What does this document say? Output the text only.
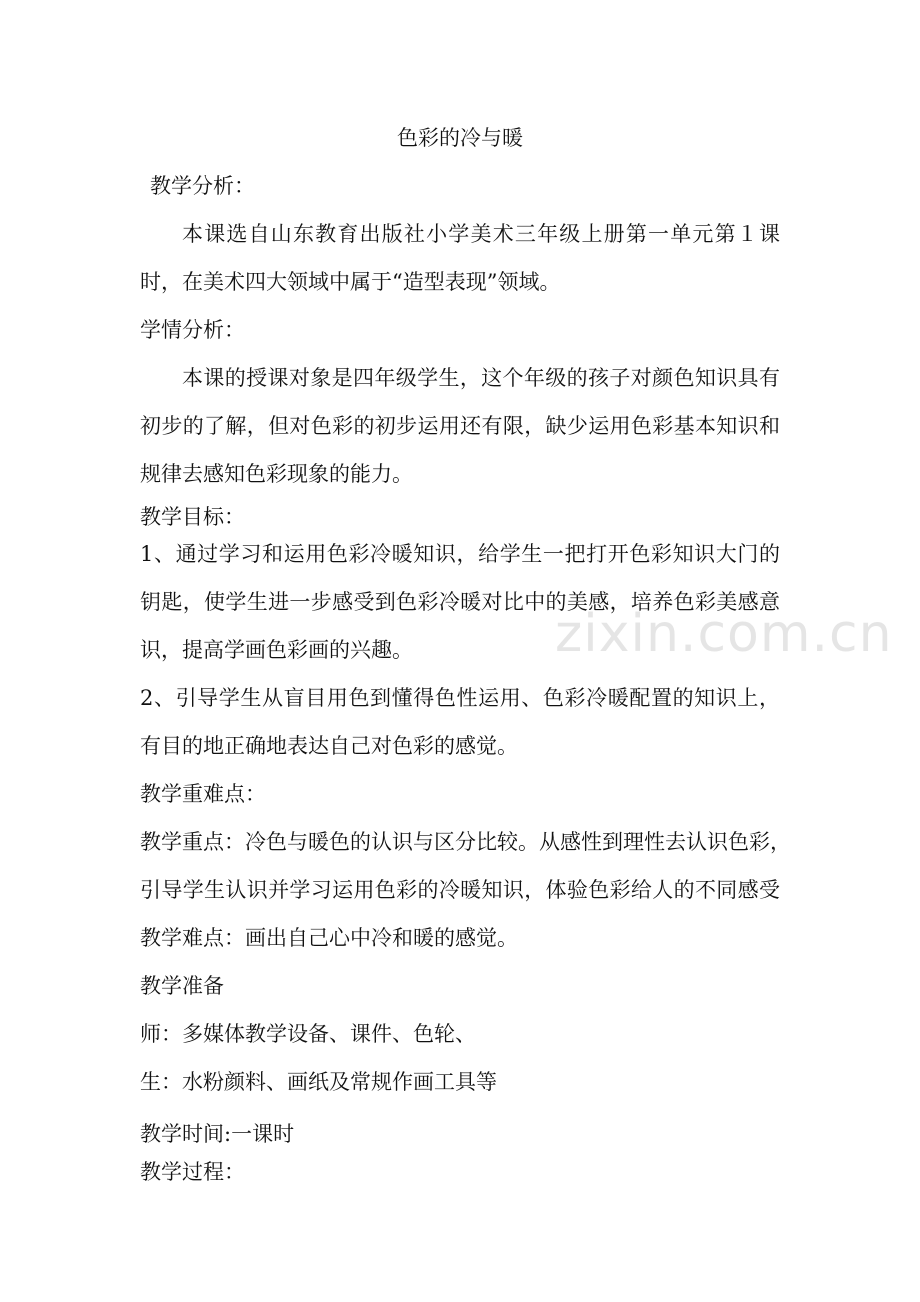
色彩的冷与暖
教学分析：
本课选自山东教育出版社小学美术三年级上册第一单元第１课
时，在美术四大领域中属于“造型表现”领域。
学情分析：
本课的授课对象是四年级学生，这个年级的孩子对颜色知识具有
初步的了解，但对色彩的初步运用还有限，缺少运用色彩基本知识和
规律去感知色彩现象的能力。
教学目标：
1、通过学习和运用色彩冷暖知识，给学生一把打开色彩知识大门的
钥匙，使学生进一步感受到色彩冷暖对比中的美感，培养色彩美感意
识，提高学画色彩画的兴趣。
2、引导学生从盲目用色到懂得色性运用、色彩冷暖配置的知识上，
有目的地正确地表达自己对色彩的感觉。
教学重难点：
教学重点：冷色与暖色的认识与区分比较。从感性到理性去认识色彩，
引导学生认识并学习运用色彩的冷暖知识，体验色彩给人的不同感受
教学难点：画出自己心中冷和暖的感觉。
教学准备
师：多媒体教学设备、课件、色轮、
生：水粉颜料、画纸及常规作画工具等
教学时间:一课时
教学过程：
zixin.com.cn
